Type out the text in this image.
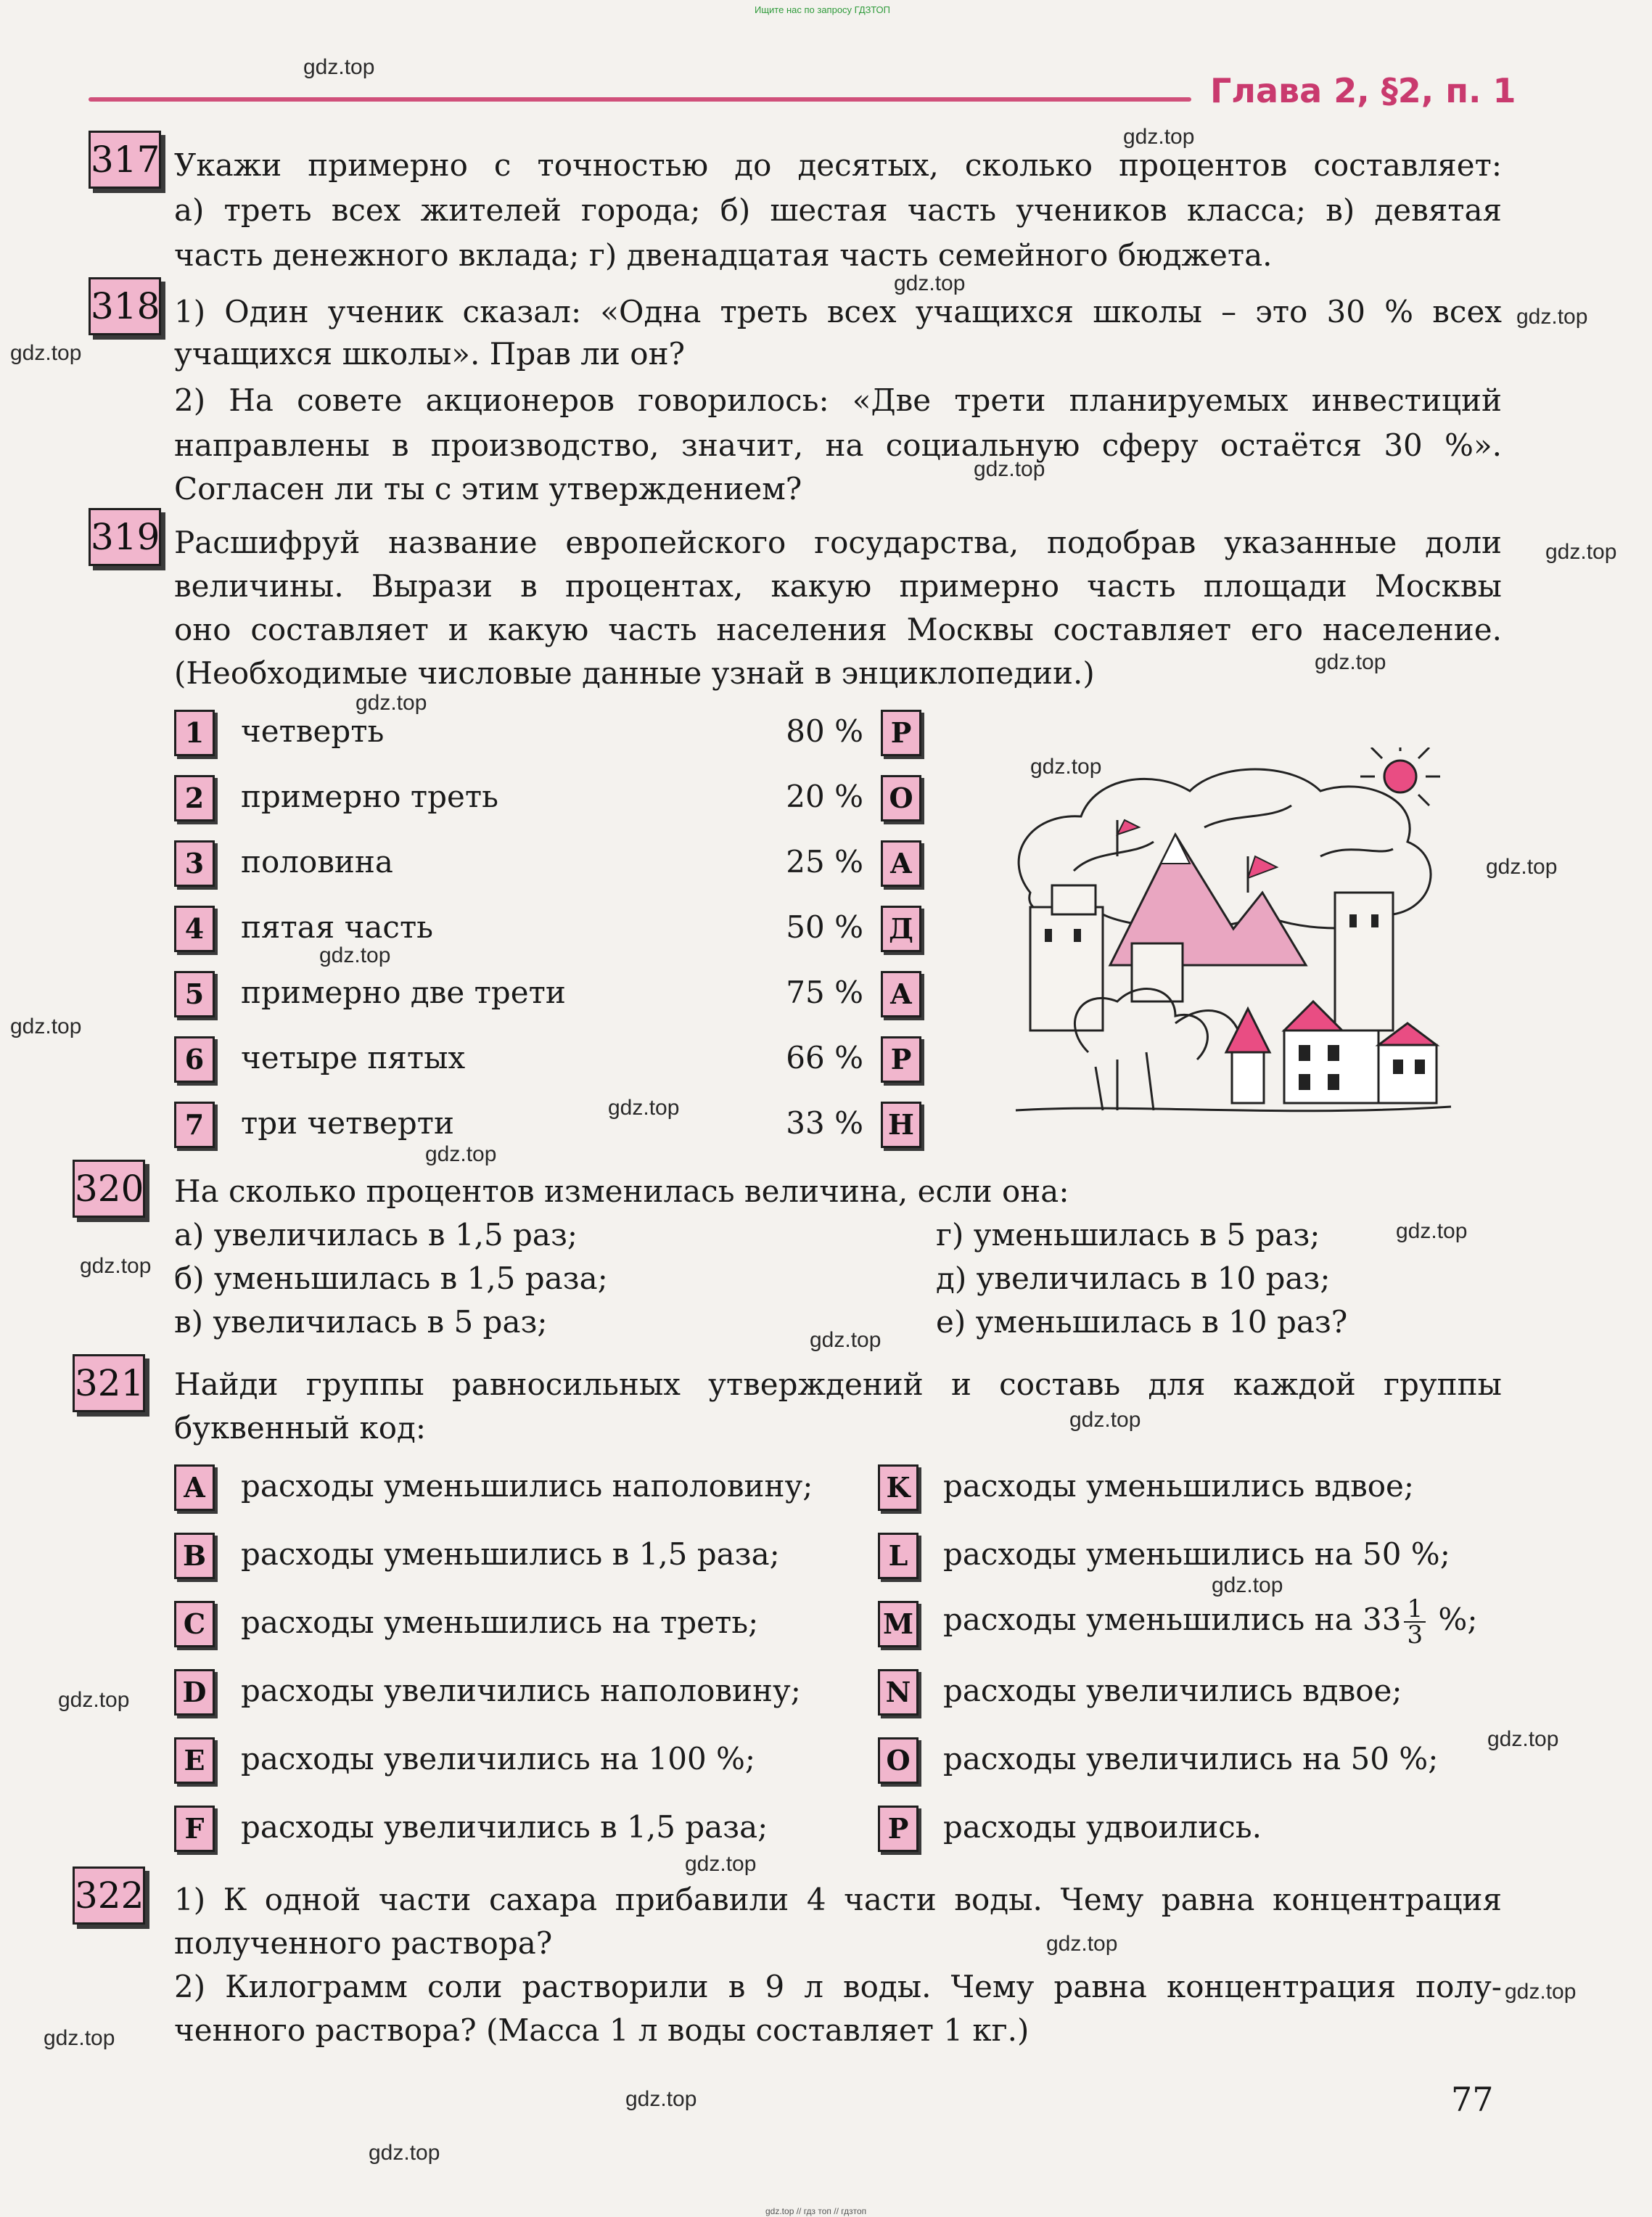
Ищите нас по запросу ГДЗТОП
Глава 2, §2, п. 1
317 Укажи примерно с точностью до десятых, сколько процентов составляет:
а) треть всех жителей города; б) шестая часть учеников класса; в) девятая
часть денежного вклада; г) двенадцатая часть семейного бюджета.
318 1) Один ученик сказал: «Одна треть всех учащихся школы – это 30 % всех
учащихся школы». Прав ли он?
2) На совете акционеров говорилось: «Две трети планируемых инвестиций
направлены в производство, значит, на социальную сферу остаётся 30 %».
Согласен ли ты с этим утверждением?
319 Расшифруй название европейского государства, подобрав указанные доли
величины. Вырази в процентах, какую примерно часть площади Москвы
оно составляет и какую часть населения Москвы составляет его население.
(Необходимые числовые данные узнай в энциклопедии.)
1	четверть	80 % Р
2	примерно треть	20 % О
3	половина	25 % А
4	пятая часть	50 % Д
5	примерно две трети	75 % А
6	четыре пятых	66 % Р
7	три четверти	33 % Н
320 На сколько процентов изменилась величина, если она:
а) увеличилась в 1,5 раз;
б) уменьшилась в 1,5 раза;
в) увеличилась в 5 раз;
г) уменьшилась в 5 раз;
д) увеличилась в 10 раз;
е) уменьшилась в 10 раз?
321 Найди группы равносильных утверждений и составь для каждой группы
буквенный код:
A	расходы уменьшились наполовину;	K расходы уменьшились вдвое;
B расходы уменьшились в 1,5 раза;	L	расходы уменьшились на 50 %;
C	расходы уменьшились на треть;	M расходы уменьшились на $33 \frac{1}{3}$ %;
D расходы увеличились наполовину;	N расходы увеличились вдвое;
E	расходы увеличились на 100 %;	O расходы увеличились на 50 %;
F	расходы увеличились в 1,5 раза;	P	расходы удвоились.
322 1) К одной части сахара прибавили 4 части воды. Чему равна концентрация
полученного раствора?
2) Килограмм соли растворили в 9 л воды. Чему равна концентрация полу-
ченного раствора? (Масса 1 л воды составляет 1 кг.)
77
gdz.top // гдз топ // гдзтоп
gdz.top
gdz.top
gdz.top
gdz.top
gdz.top
gdz.top
gdz.top
gdz.top
gdz.top
gdz.top
gdz.top
gdz.top
gdz.top
gdz.top
gdz.top
gdz.top
gdz.top
gdz.top
gdz.top
gdz.top
gdz.top
gdz.top
gdz.top
gdz.top
gdz.top
gdz.top
gdz.top
gdz.top
